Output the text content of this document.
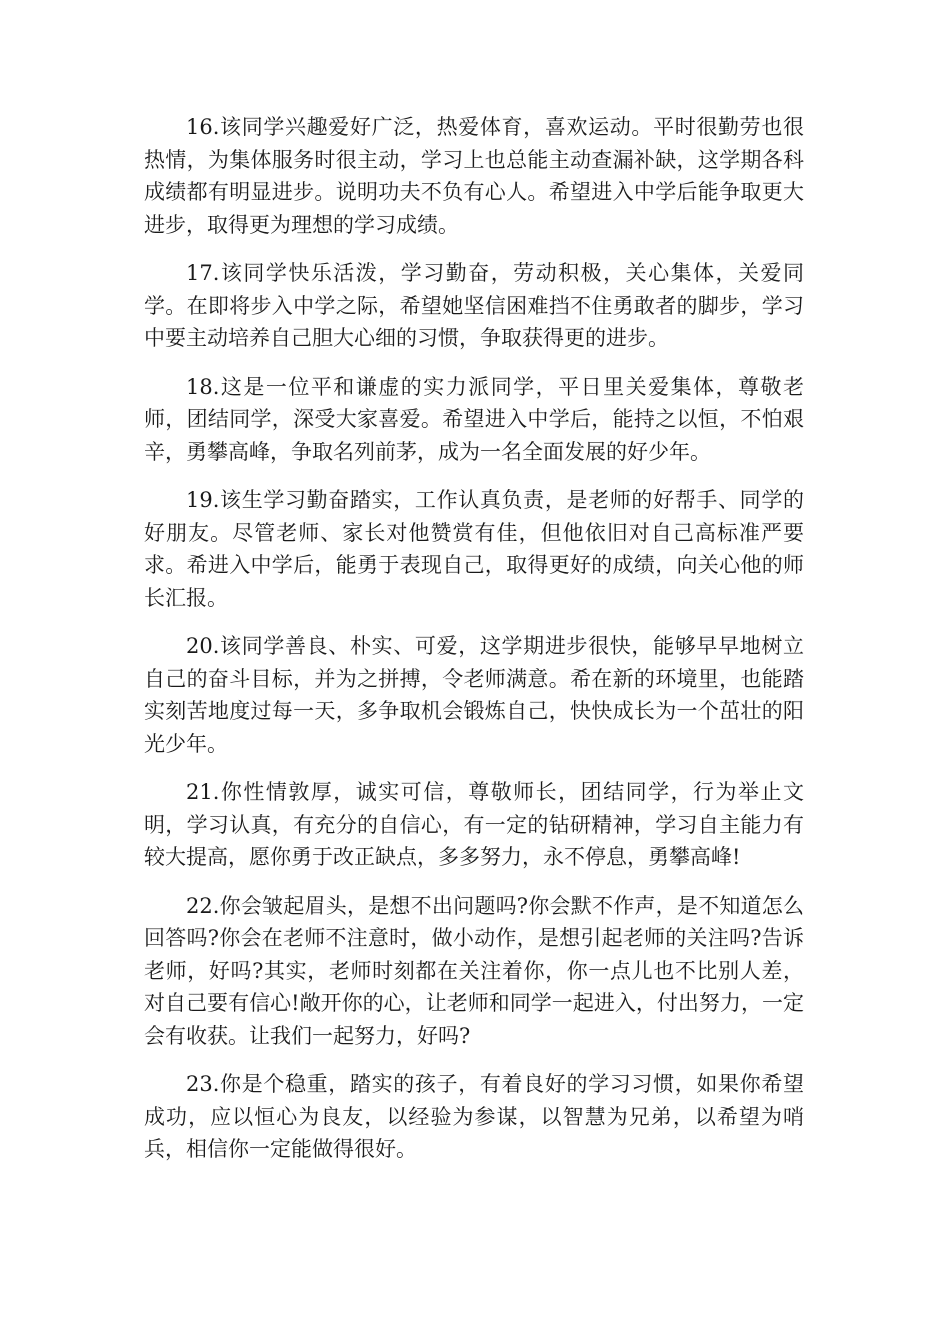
16.该同学兴趣爱好广泛，热爱体育，喜欢运动。平时很勤劳也很热情，为集体服务时很主动，学习上也总能主动查漏补缺，这学期各科成绩都有明显进步。说明功夫不负有心人。希望进入中学后能争取更大进步，取得更为理想的学习成绩。

17.该同学快乐活泼，学习勤奋，劳动积极，关心集体，关爱同学。在即将步入中学之际，希望她坚信困难挡不住勇敢者的脚步，学习中要主动培养自己胆大心细的习惯，争取获得更的进步。

18.这是一位平和谦虚的实力派同学，平日里关爱集体，尊敬老师，团结同学，深受大家喜爱。希望进入中学后，能持之以恒，不怕艰辛，勇攀高峰，争取名列前茅，成为一名全面发展的好少年。

19.该生学习勤奋踏实，工作认真负责，是老师的好帮手、同学的好朋友。尽管老师、家长对他赞赏有佳，但他依旧对自己高标准严要求。希进入中学后，能勇于表现自己，取得更好的成绩，向关心他的师长汇报。

20.该同学善良、朴实、可爱，这学期进步很快，能够早早地树立自己的奋斗目标，并为之拼搏，令老师满意。希在新的环境里，也能踏实刻苦地度过每一天，多争取机会锻炼自己，快快成长为一个茁壮的阳光少年。

21.你性情敦厚，诚实可信，尊敬师长，团结同学，行为举止文明，学习认真，有充分的自信心，有一定的钻研精神，学习自主能力有较大提高，愿你勇于改正缺点，多多努力，永不停息，勇攀高峰!

22.你会皱起眉头，是想不出问题吗?你会默不作声，是不知道怎么回答吗?你会在老师不注意时，做小动作，是想引起老师的关注吗?告诉老师，好吗?其实，老师时刻都在关注着你，你一点儿也不比别人差，对自己要有信心!敞开你的心，让老师和同学一起进入，付出努力，一定会有收获。让我们一起努力，好吗?

23.你是个稳重，踏实的孩子，有着良好的学习习惯，如果你希望成功，应以恒心为良友，以经验为参谋，以智慧为兄弟，以希望为哨兵，相信你一定能做得很好。
